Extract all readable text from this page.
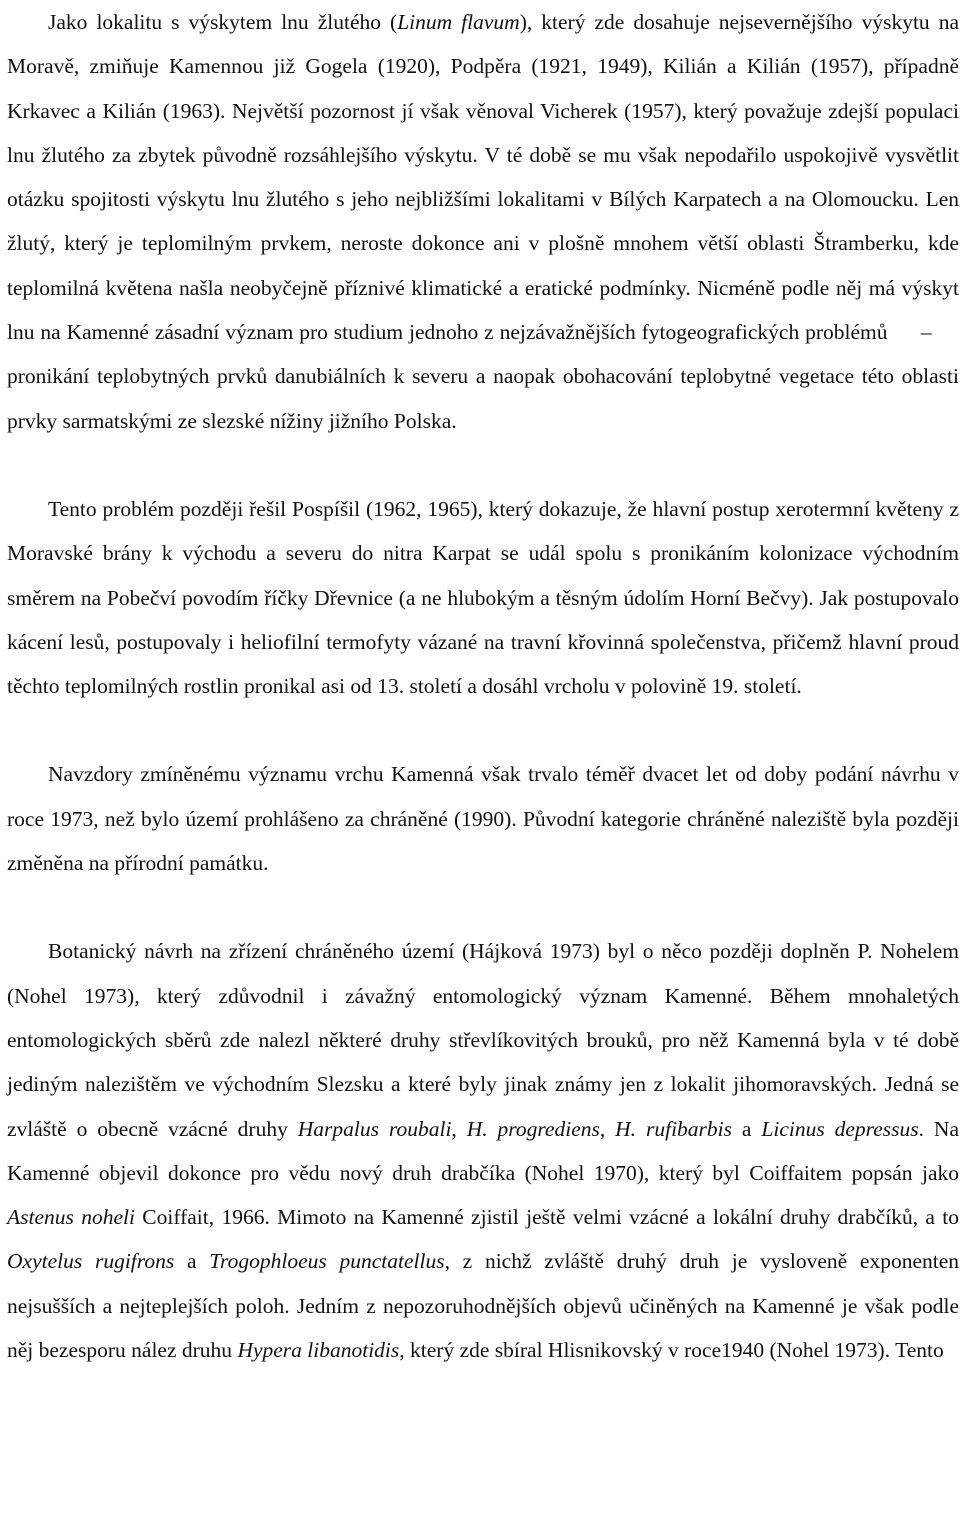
Jako lokalitu s výskytem lnu žlutého (Linum flavum), který zde dosahuje nejsevernějšího výskytu na Moravě, zmiňuje Kamennou již Gogela (1920), Podpěra (1921, 1949), Kilián a Kilián (1957), případně Krkavec a Kilián (1963). Největší pozornost jí však věnoval Vicherek (1957), který považuje zdejší populaci lnu žlutého za zbytek původně rozsáhlejšího výskytu. V té době se mu však nepodařilo uspokojivě vysvětlit otázku spojitosti výskytu lnu žlutého s jeho nejbližšími lokalitami v Bílých Karpatech a na Olomoucku. Len žlutý, který je teplomilným prvkem, neroste dokonce ani v plošně mnohem větší oblasti Štramberku, kde teplomilná květena našla neobyčejně příznivé klimatické a eratické podmínky. Nicméně podle něj má výskyt lnu na Kamenné zásadní význam pro studium jednoho z nejzávažnějších fytogeografických problémů   –   pronikání teplobytných prvků danubiálních k severu a naopak obohacování teplobytné vegetace této oblasti prvky sarmatskými ze slezské nížiny jižního Polska.

Tento problém později řešil Pospíšil (1962, 1965), který dokazuje, že hlavní postup xerotermní květeny z Moravské brány k východu a severu do nitra Karpat se udál spolu s pronikáním kolonizace východním směrem na Pobečví povodím říčky Dřevnice (a ne hlubokým a těsným údolím Horní Bečvy). Jak postupovalo kácení lesů, postupovaly i heliofilní termofyty vázané na travní křovinná společenstva, přičemž hlavní proud těchto teplomilných rostlin pronikal asi od 13. století a dosáhl vrcholu v polovině 19. století.

Navzdory zmíněnému významu vrchu Kamenná však trvalo téměř dvacet let od doby podání návrhu v roce 1973, než bylo území prohlášeno za chráněné (1990). Původní kategorie chráněné naleziště byla později změněna na přírodní památku.

Botanický návrh na zřízení chráněného území (Hájková 1973) byl o něco později doplněn P. Nohelem (Nohel 1973), který zdůvodnil i závažný entomologický význam Kamenné. Během mnohaletých entomologických sběrů zde nalezl některé druhy střevlíkovitých brouků, pro něž Kamenná byla v té době jediným nalezištěm ve východním Slezsku a které byly jinak známy jen z lokalit jihomoravských. Jedná se zvláště o obecně vzácné druhy Harpalus roubali, H. progrediens, H. rufibarbis a Licinus depressus. Na Kamenné objevil dokonce pro vědu nový druh drabčíka (Nohel 1970), který byl Coiffaitem popsán jako Astenus noheli Coiffait, 1966. Mimoto na Kamenné zjistil ještě velmi vzácné a lokální druhy drabčíků, a to Oxytelus rugifrons a Trogophloeus punctatellus, z nichž zvláště druhý druh je vysloveně exponenten nejsušších a nejteplejších poloh. Jedním z nepozoruhodnějších objevů učiněných na Kamenné je však podle něj bezesporu nález druhu Hypera libanotidis, který zde sbíral Hlisnikovský v roce1940 (Nohel 1973). Tento
